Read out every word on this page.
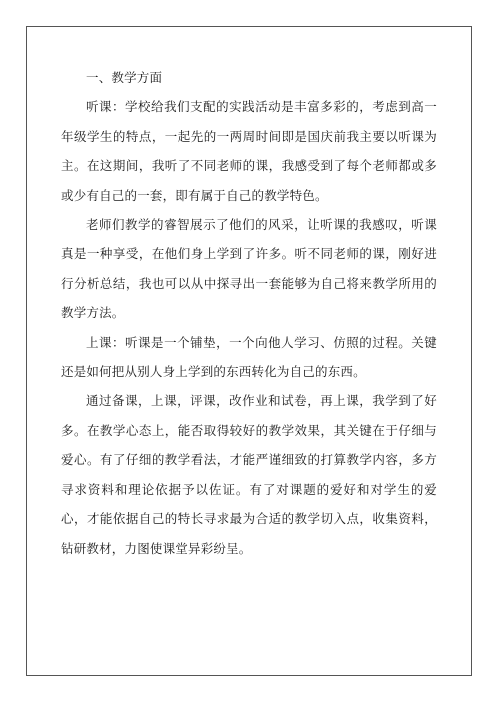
一、教学方面

听课：学校给我们支配的实践活动是丰富多彩的，考虑到高一年级学生的特点，一起先的一两周时间即是国庆前我主要以听课为主。在这期间，我听了不同老师的课，我感受到了每个老师都或多或少有自己的一套，即有属于自己的教学特色。

老师们教学的睿智展示了他们的风采，让听课的我感叹，听课真是一种享受，在他们身上学到了许多。听不同老师的课，刚好进行分析总结，我也可以从中探寻出一套能够为自己将来教学所用的教学方法。

上课：听课是一个铺垫，一个向他人学习、仿照的过程。关键还是如何把从别人身上学到的东西转化为自己的东西。

通过备课，上课，评课，改作业和试卷，再上课，我学到了好多。在教学心态上，能否取得较好的教学效果，其关键在于仔细与爱心。有了仔细的教学看法，才能严谨细致的打算教学内容，多方寻求资料和理论依据予以佐证。有了对课题的爱好和对学生的爱心，才能依据自己的特长寻求最为合适的教学切入点，收集资料，钻研教材，力图使课堂异彩纷呈。
